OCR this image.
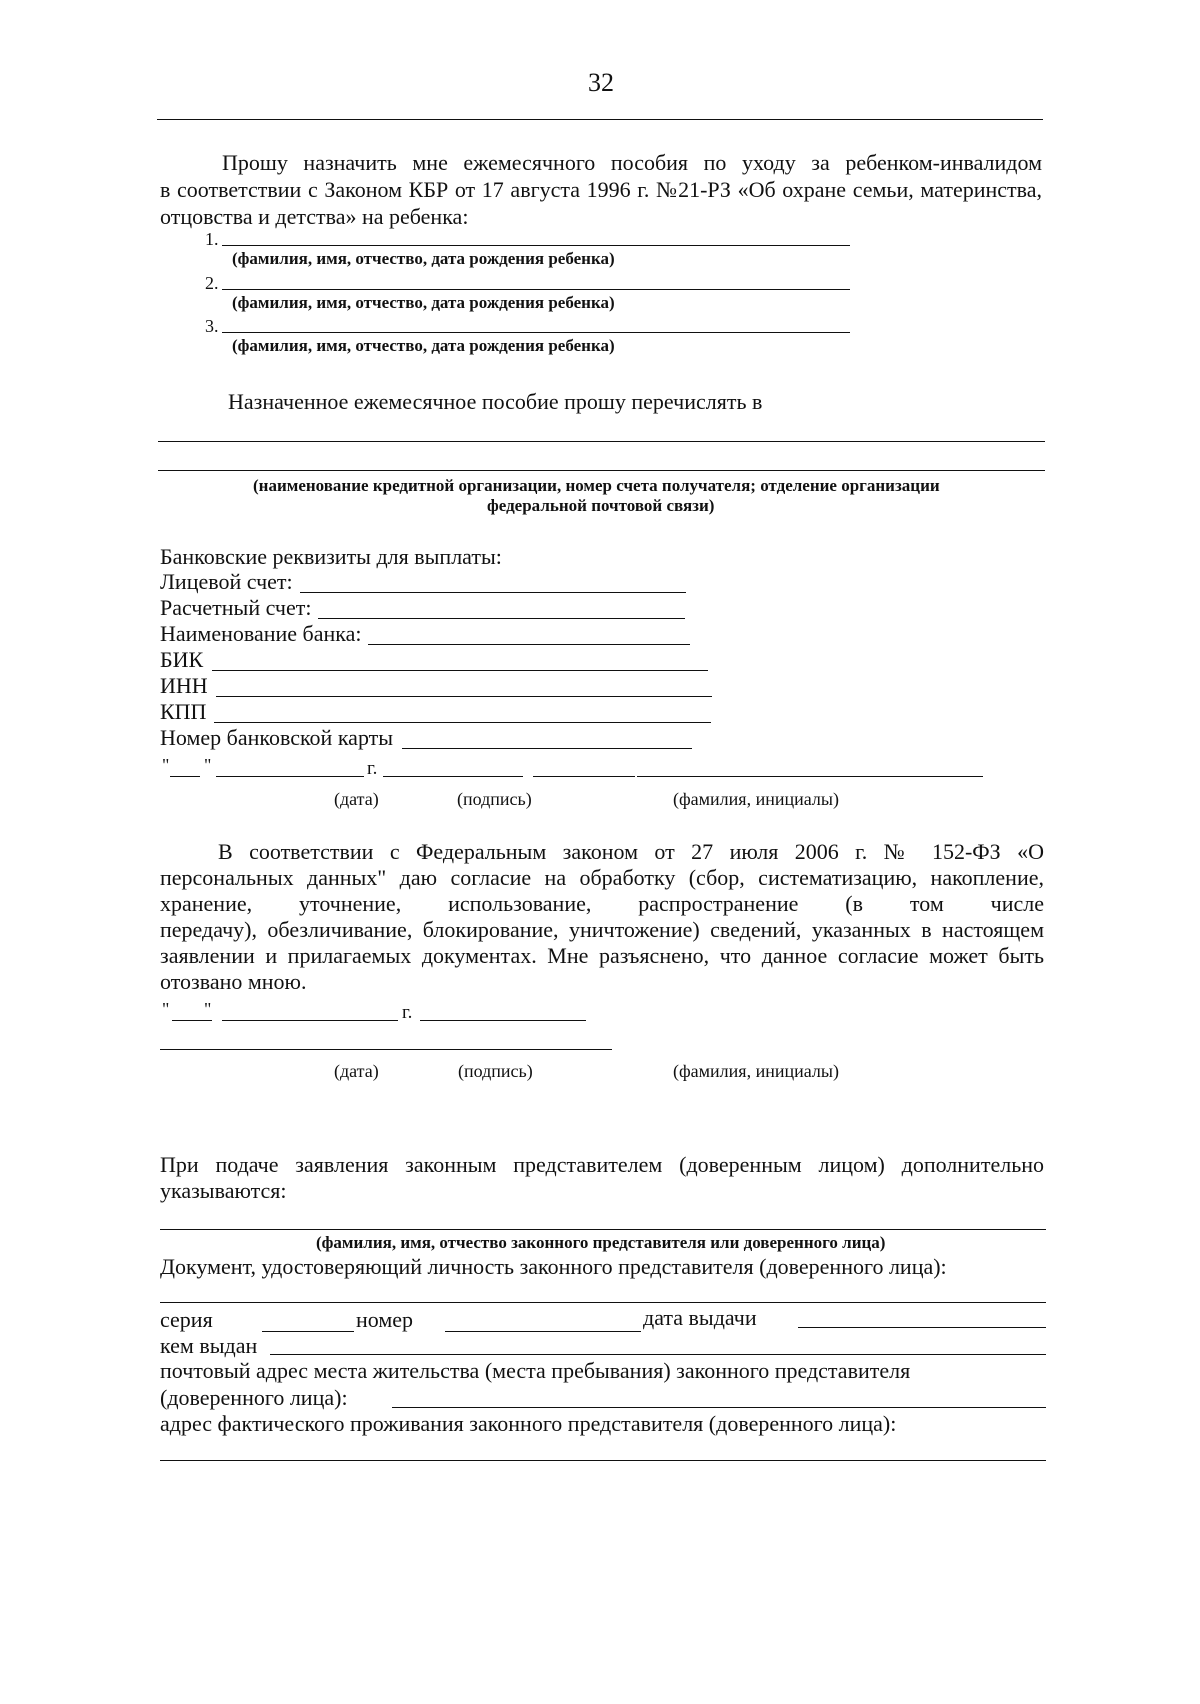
32
Прошу назначить мне ежемесячного пособия по уходу за ребенком-инвалидом
в соответствии с Законом КБР от 17 августа 1996 г. №21-РЗ «Об охране семьи, материнства,
отцовства и детства» на ребенка:
1.
(фамилия, имя, отчество, дата рождения ребенка)
2.
(фамилия, имя, отчество, дата рождения ребенка)
3.
(фамилия, имя, отчество, дата рождения ребенка)
Назначенное ежемесячное пособие прошу перечислять в
(наименование кредитной организации, номер счета получателя; отделение организации
федеральной почтовой связи)
Банковские реквизиты для выплаты:
Лицевой счет:
Расчетный счет:
Наименование банка:
БИК
ИНН
КПП
Номер банковской карты
" "	г.
(дата)	(подпись)	(фамилия, инициалы)
В соответствии с Федеральным законом от 27 июля 2006 г. № 152-ФЗ «О
персональных данных" даю согласие на обработку (сбор, систематизацию, накопление,
хранение, уточнение, использование, распространение (в том числе
передачу), обезличивание, блокирование, уничтожение) сведений, указанных в настоящем
заявлении и прилагаемых документах. Мне разъяснено, что данное согласие может быть
отозвано мною.
" "	г.
(дата)	(подпись)	(фамилия, инициалы)
При подаче заявления законным представителем (доверенным лицом) дополнительно
указываются:
(фамилия, имя, отчество законного представителя или доверенного лица)
Документ, удостоверяющий личность законного представителя (доверенного лица):
серия	номер	дата выдачи
кем выдан
почтовый адрес места жительства (места пребывания) законного представителя
(доверенного лица):
адрес фактического проживания законного представителя (доверенного лица):
